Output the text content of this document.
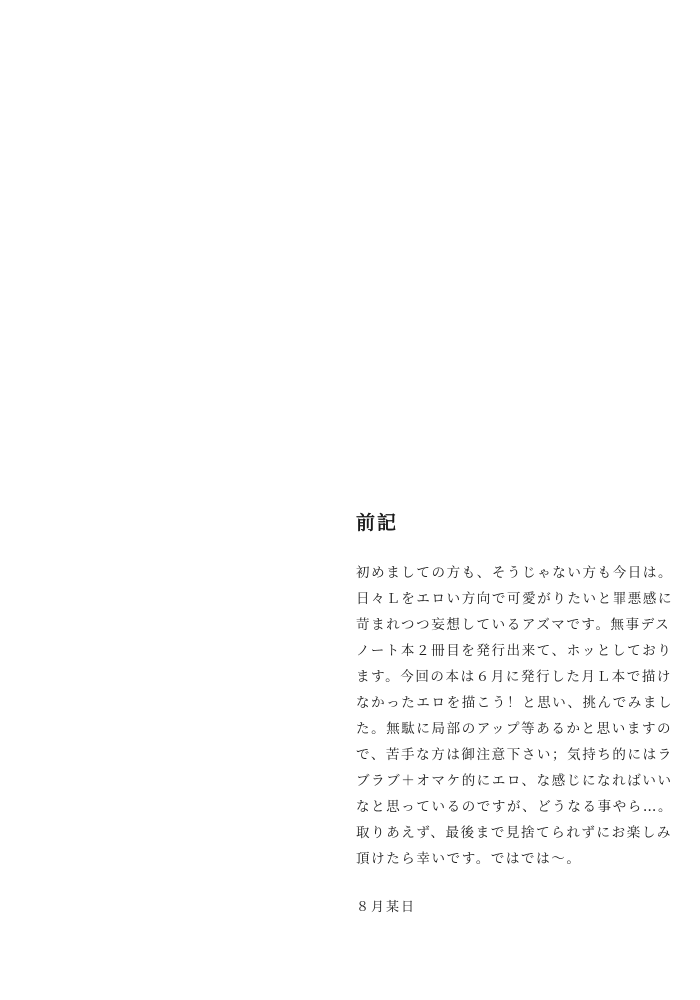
前記
初めましての方も、そうじゃない方も今日は。
日々Ｌをエロい方向で可愛がりたいと罪悪感に
苛まれつつ妄想しているアズマです。無事デス
ノート本２冊目を発行出来て、ホッとしており
ます。今回の本は６月に発行した月Ｌ本で描け
なかったエロを描こう！と思い、挑んでみまし
た。無駄に局部のアップ等あるかと思いますの
で、苦手な方は御注意下さい；気持ち的にはラ
ブラブ＋オマケ的にエロ、な感じになればいい
なと思っているのですが、どうなる事やら…。
取りあえず、最後まで見捨てられずにお楽しみ
頂けたら幸いです。ではでは～。
８月某日
